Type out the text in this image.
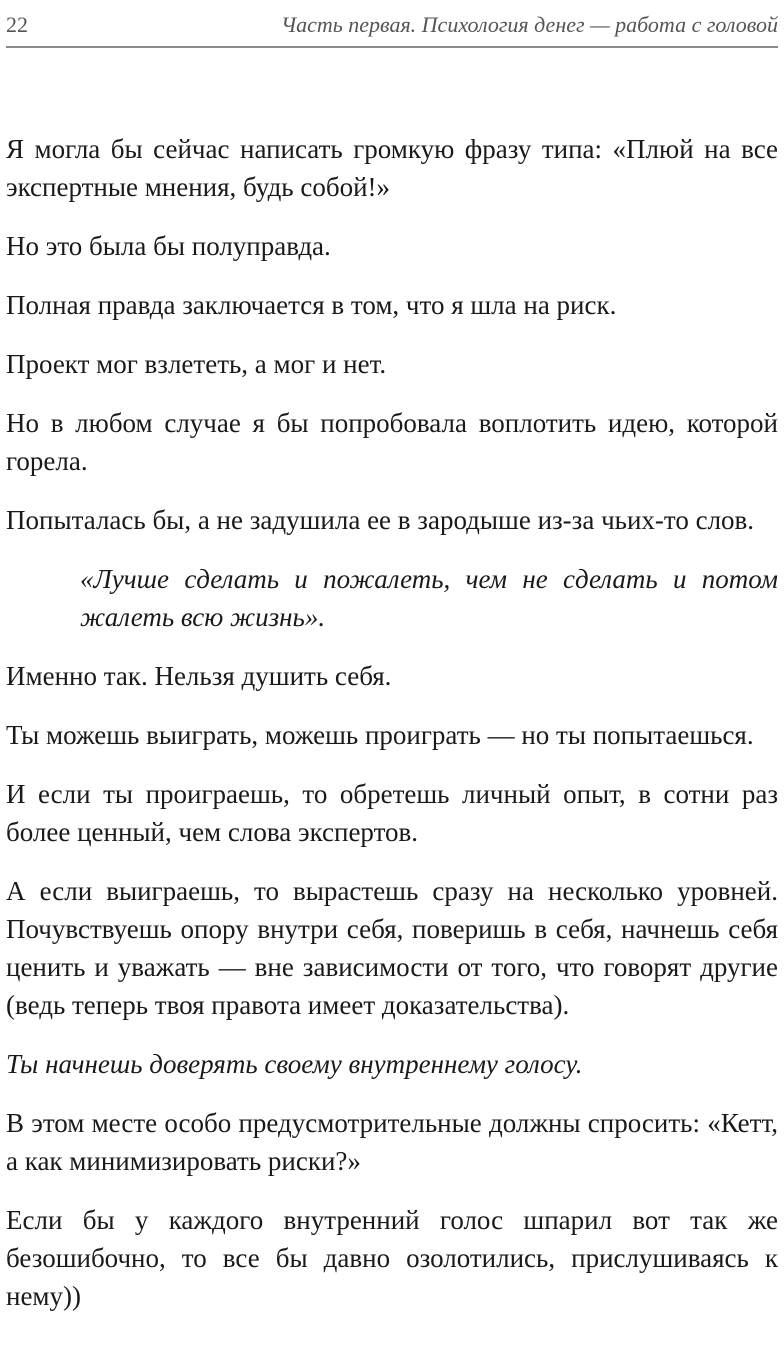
22	Часть первая. Психология денег — работа с головой

Я могла бы сейчас написать громкую фразу типа: «Плюй на все экспертные мнения, будь собой!»

Но это была бы полуправда.

Полная правда заключается в том, что я шла на риск.

Проект мог взлететь, а мог и нет.

Но в любом случае я бы попробовала воплотить идею, которой горела.

Попыталась бы, а не задушила ее в зародыше из-за чьих-то слов.

«Лучше сделать и пожалеть, чем не сделать и потом жалеть всю жизнь».

Именно так. Нельзя душить себя.

Ты можешь выиграть, можешь проиграть — но ты попытаешься.

И если ты проиграешь, то обретешь личный опыт, в сотни раз более ценный, чем слова экспертов.

А если выиграешь, то вырастешь сразу на несколько уровней. Почувствуешь опору внутри себя, поверишь в себя, начнешь себя ценить и уважать — вне зависимости от того, что говорят другие (ведь теперь твоя правота имеет доказательства).

Ты начнешь доверять своему внутреннему голосу.

В этом месте особо предусмотрительные должны спросить: «Кетт, а как минимизировать риски?»

Если бы у каждого внутренний голос шпарил вот так же безошибочно, то все бы давно озолотились, прислушиваясь к нему))
